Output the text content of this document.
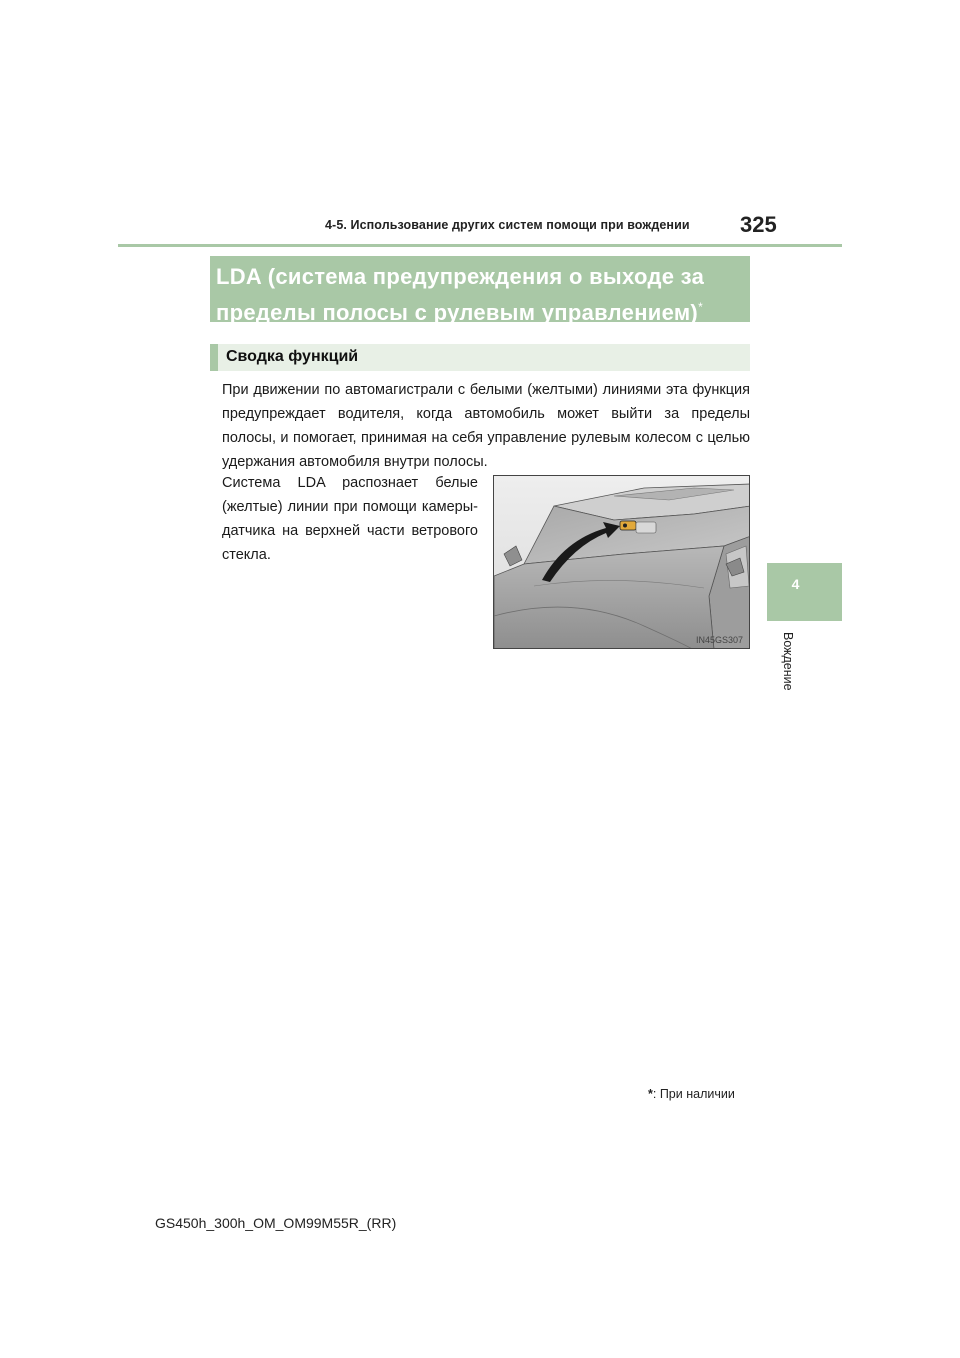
4-5. Использование других систем помощи при вождении 325
4
Вождение
LDA (система предупреждения о выходе за пределы полосы с рулевым управлением)*
Сводка функций
При движении по автомагистрали с белыми (желтыми) линиями эта функция предупреждает водителя, когда автомобиль может выйти за пределы полосы, и помогает, принимая на себя управление рулевым колесом с целью удержания автомобиля внутри полосы.
Система LDA распознает белые (желтые) линии при помощи камеры-датчика на верхней части ветрового стекла.
IN45GS307
*: При наличии
GS450h_300h_OM_OM99M55R_(RR)
